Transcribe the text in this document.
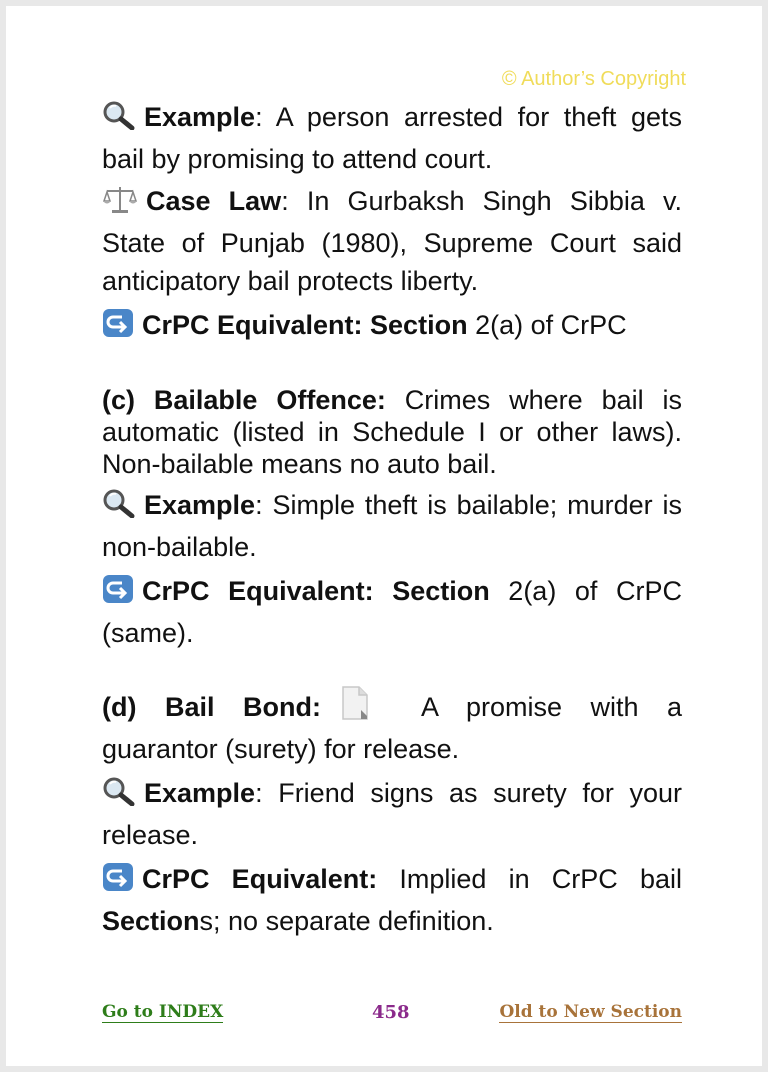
© Author’s Copyright

Example: A person arrested for theft gets bail by promising to attend court.

Case Law: In Gurbaksh Singh Sibbia v. State of Punjab (1980), Supreme Court said anticipatory bail protects liberty.

CrPC Equivalent: Section 2(a) of CrPC

(c) Bailable Offence: Crimes where bail is automatic (listed in Schedule I or other laws). Non-bailable means no auto bail.

Example: Simple theft is bailable; murder is non-bailable.

CrPC Equivalent: Section 2(a) of CrPC (same).

(d) Bail Bond:	A promise with a guarantor (surety) for release.

Example: Friend signs as surety for your release.

CrPC Equivalent: Implied in CrPC bail Sections; no separate definition.

Go to INDEX	458	Old to New Section
